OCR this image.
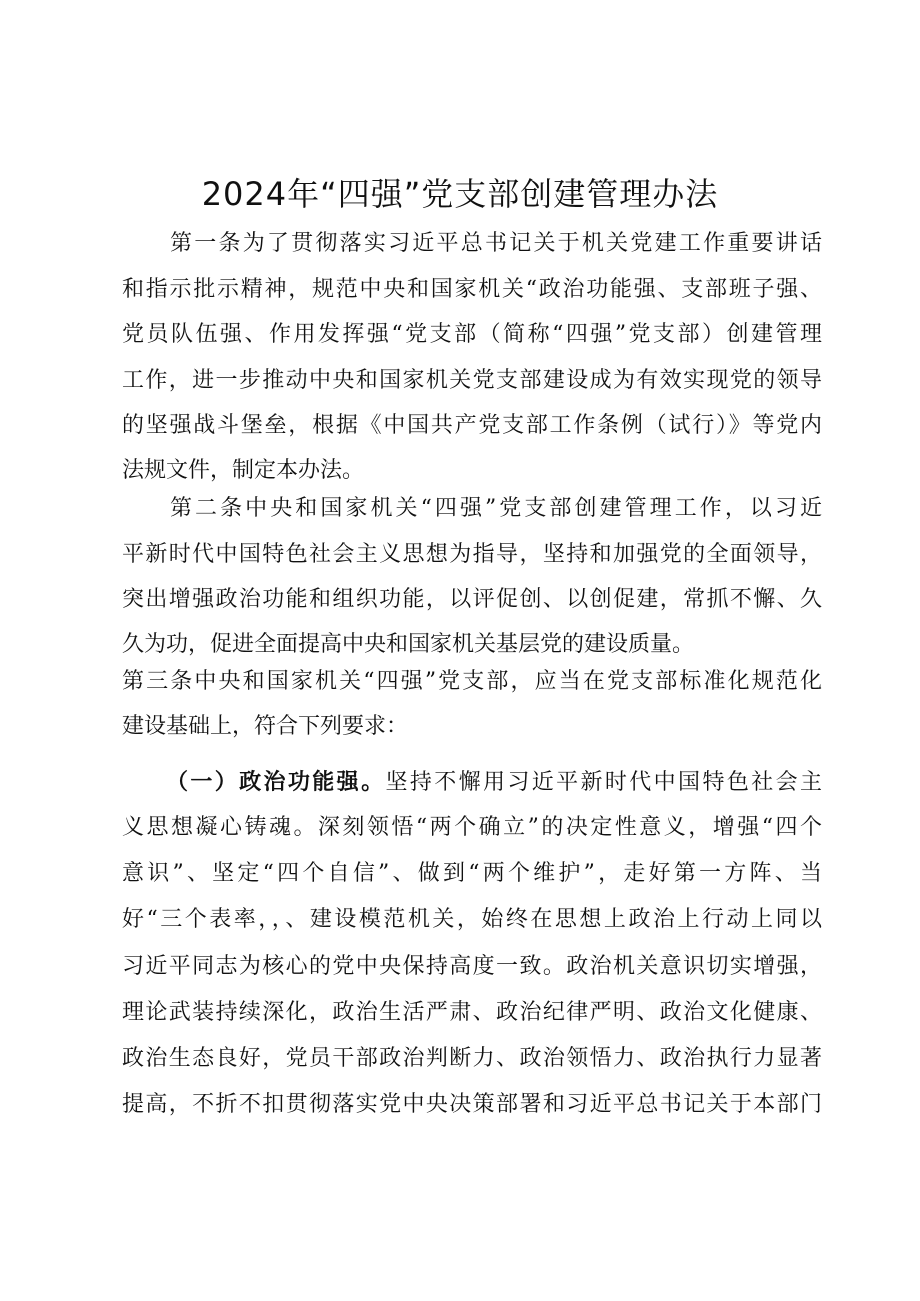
2024年“四强”党支部创建管理办法
第一条为了贯彻落实习近平总书记关于机关党建工作重要讲话
和指示批示精神，规范中央和国家机关“政治功能强、支部班子强、
党员队伍强、作用发挥强“党支部（简称“四强”党支部）创建管理
工作，进一步推动中央和国家机关党支部建设成为有效实现党的领导
的坚强战斗堡垒，根据《中国共产党支部工作条例（试行）》等党内
法规文件，制定本办法。
第二条中央和国家机关“四强”党支部创建管理工作，以习近
平新时代中国特色社会主义思想为指导，坚持和加强党的全面领导，
突出增强政治功能和组织功能，以评促创、以创促建，常抓不懈、久
久为功，促进全面提高中央和国家机关基层党的建设质量。
第三条中央和国家机关“四强”党支部，应当在党支部标准化规范化
建设基础上，符合下列要求：
（一）政治功能强。坚持不懈用习近平新时代中国特色社会主
义思想凝心铸魂。深刻领悟“两个确立”的决定性意义，增强“四个
意识”、坚定“四个自信”、做到“两个维护”，走好第一方阵、当
好“三个表率，，、建设模范机关，始终在思想上政治上行动上同以
习近平同志为核心的党中央保持高度一致。政治机关意识切实增强，
理论武装持续深化，政治生活严肃、政治纪律严明、政治文化健康、
政治生态良好，党员干部政治判断力、政治领悟力、政治执行力显著
提高，不折不扣贯彻落实党中央决策部署和习近平总书记关于本部门
